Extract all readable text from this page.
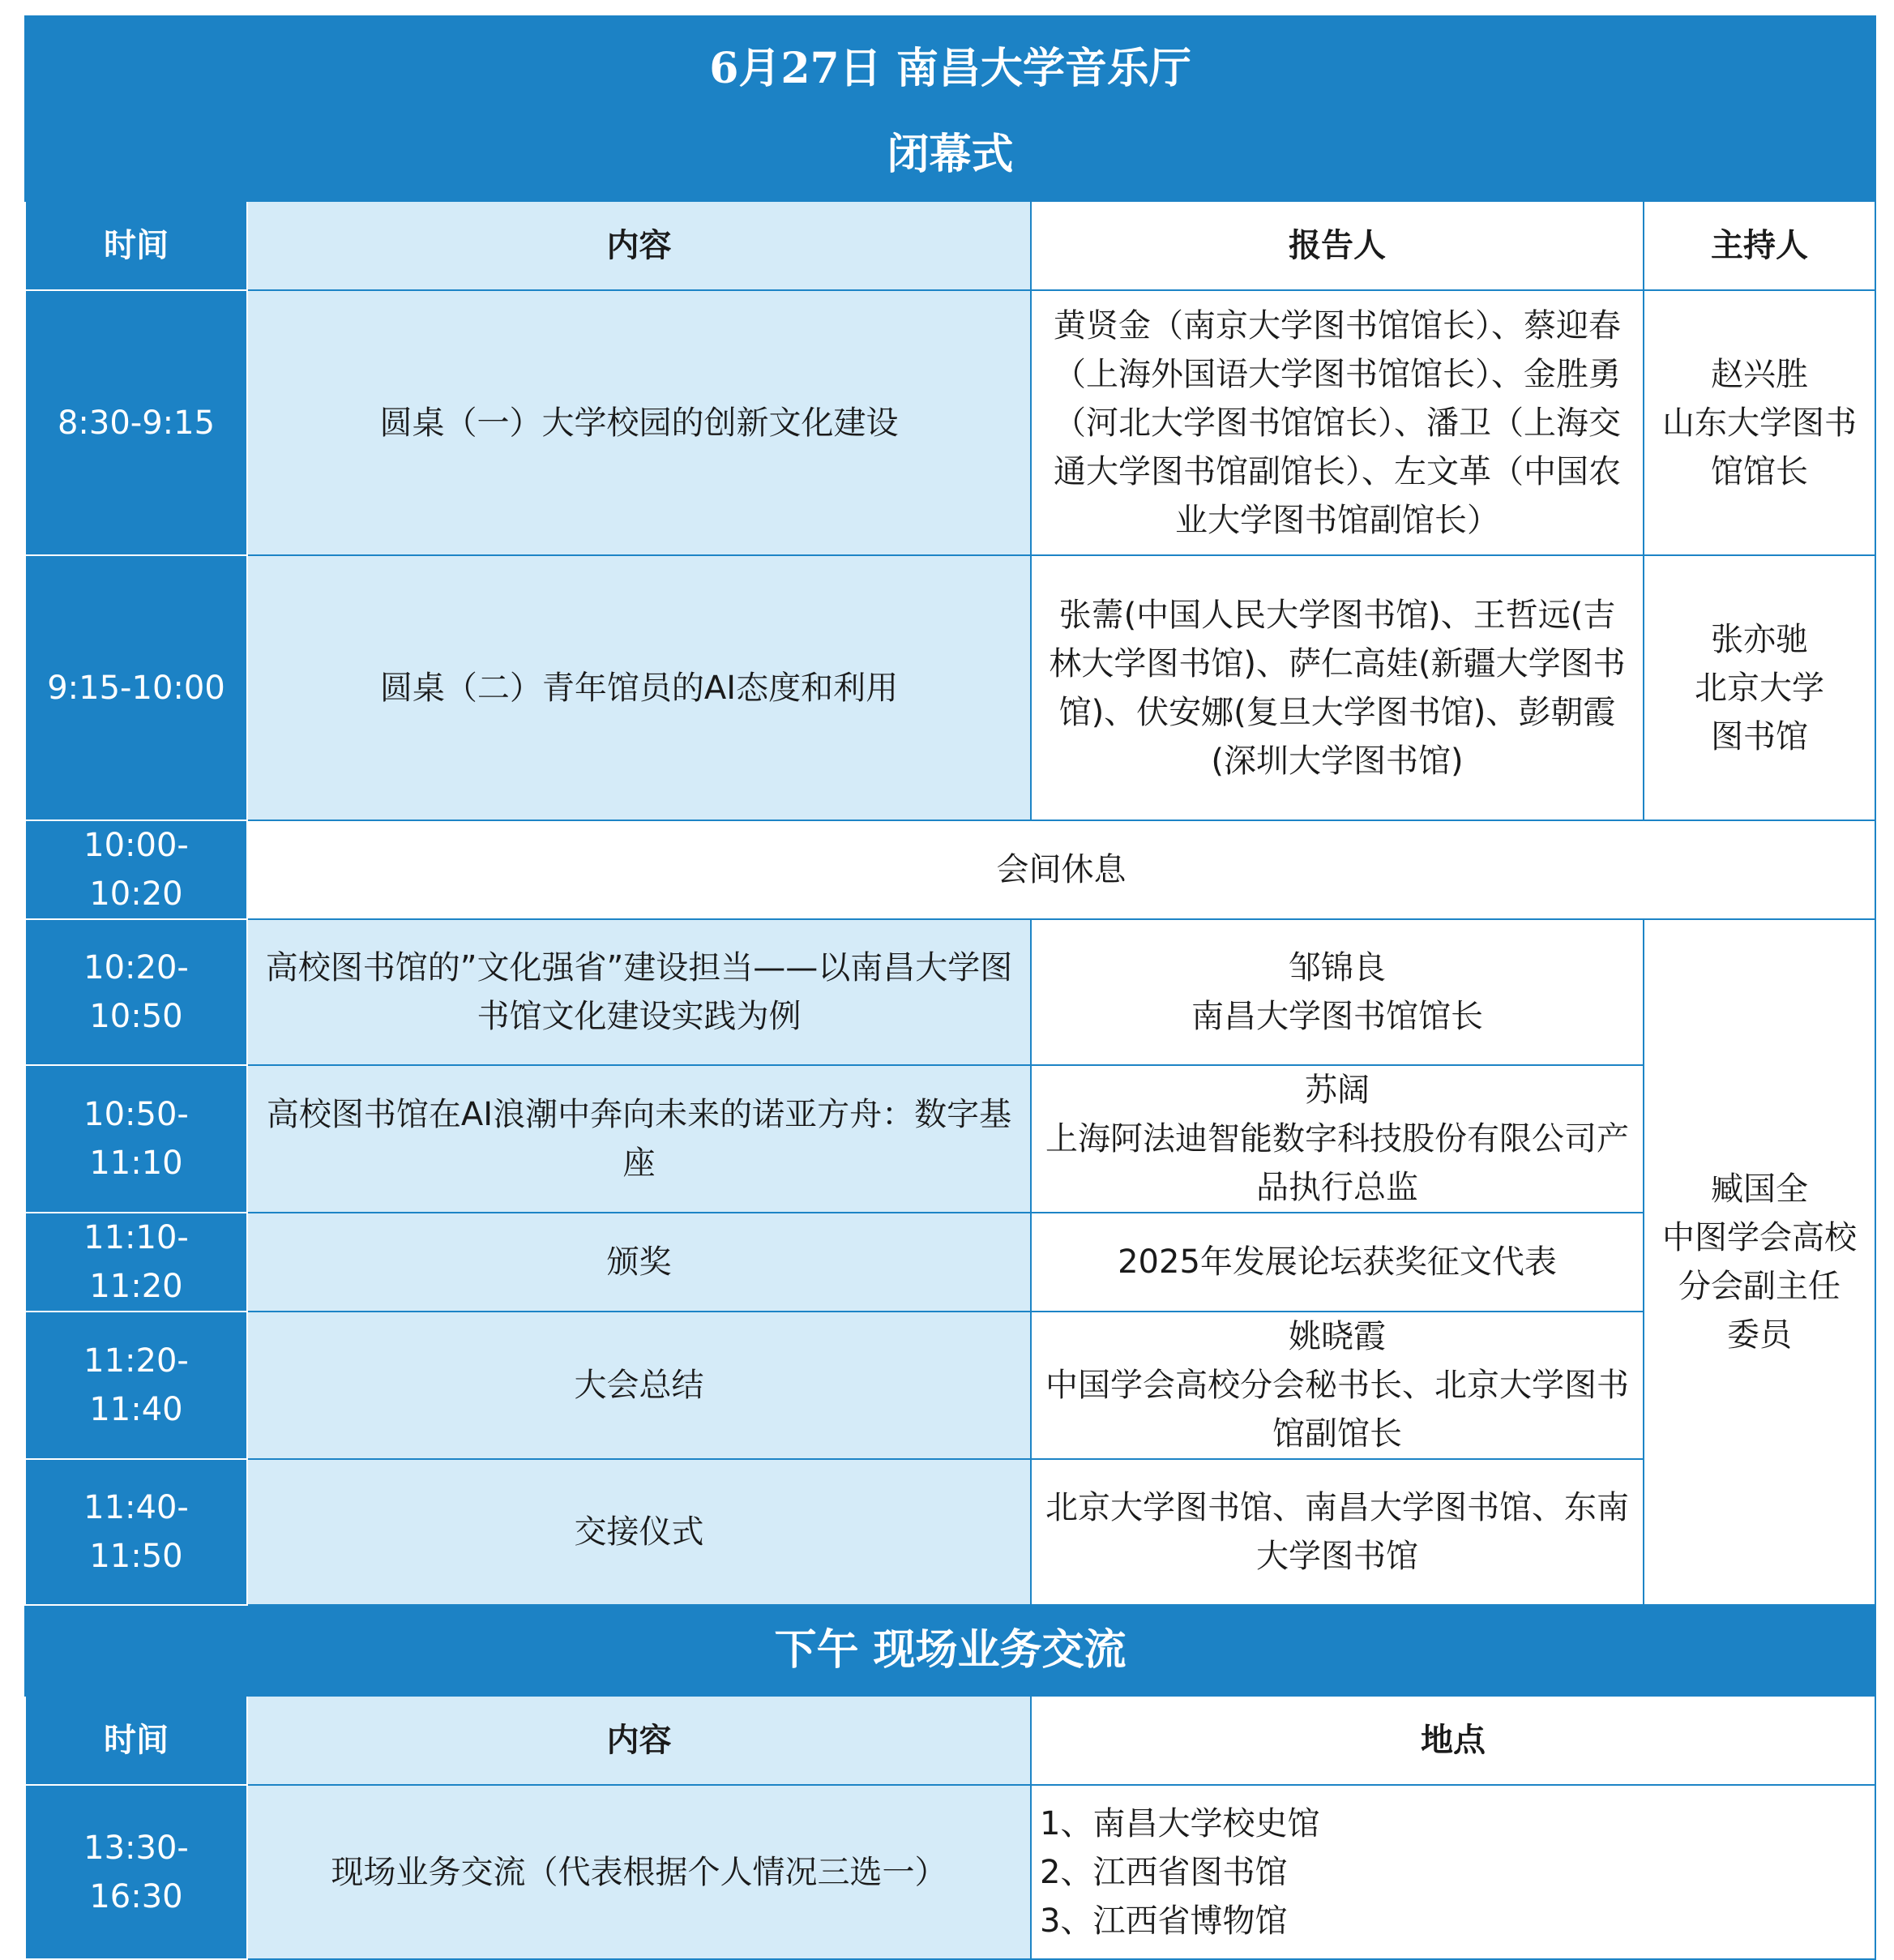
6月27日 南昌大学音乐厅
闭幕式			

时间	内容	报告人	主持人
8:30-9:15	圆桌（一）大学校园的创新文化建设	黄贤金（南京大学图书馆馆长）、蔡迎春（上海外国语大学图书馆馆长）、金胜勇（河北大学图书馆馆长）、潘卫（上海交通大学图书馆副馆长）、左文革（中国农业大学图书馆副馆长）	赵兴胜
山东大学图书
馆馆长

9:15-10:00	圆桌（二）青年馆员的AI态度和利用	张薷(中国人民大学图书馆)、王哲远(吉林大学图书馆)、萨仁高娃(新疆大学图书馆)、伏安娜(复旦大学图书馆)、彭朝霞(深圳大学图书馆)	张亦驰
北京大学
图书馆

10:00-10:20	会间休息		
10:20-10:50	高校图书馆的”文化强省”建设担当——以南昌大学图书馆文化建设实践为例	邹锦良
南昌大学图书馆馆长	臧国全
中图学会高校
分会副主任
委员

10:50-11:10	高校图书馆在AI浪潮中奔向未来的诺亚方舟：数字基座	苏阔
上海阿法迪智能数字科技股份有限公司产品执行总监	

11:10-11:20	颁奖	2025年发展论坛获奖征文代表	
11:20-11:40	大会总结	姚晓霞
中国学会高校分会秘书长、北京大学图书馆副馆长	

11:40-11:50	交接仪式	北京大学图书馆、南昌大学图书馆、东南大学图书馆	
下午 现场业务交流			
时间	内容	地点	
13:30-16:30	现场业务交流（代表根据个人情况三选一）	1、南昌大学校史馆
2、江西省图书馆
3、江西省博物馆	
